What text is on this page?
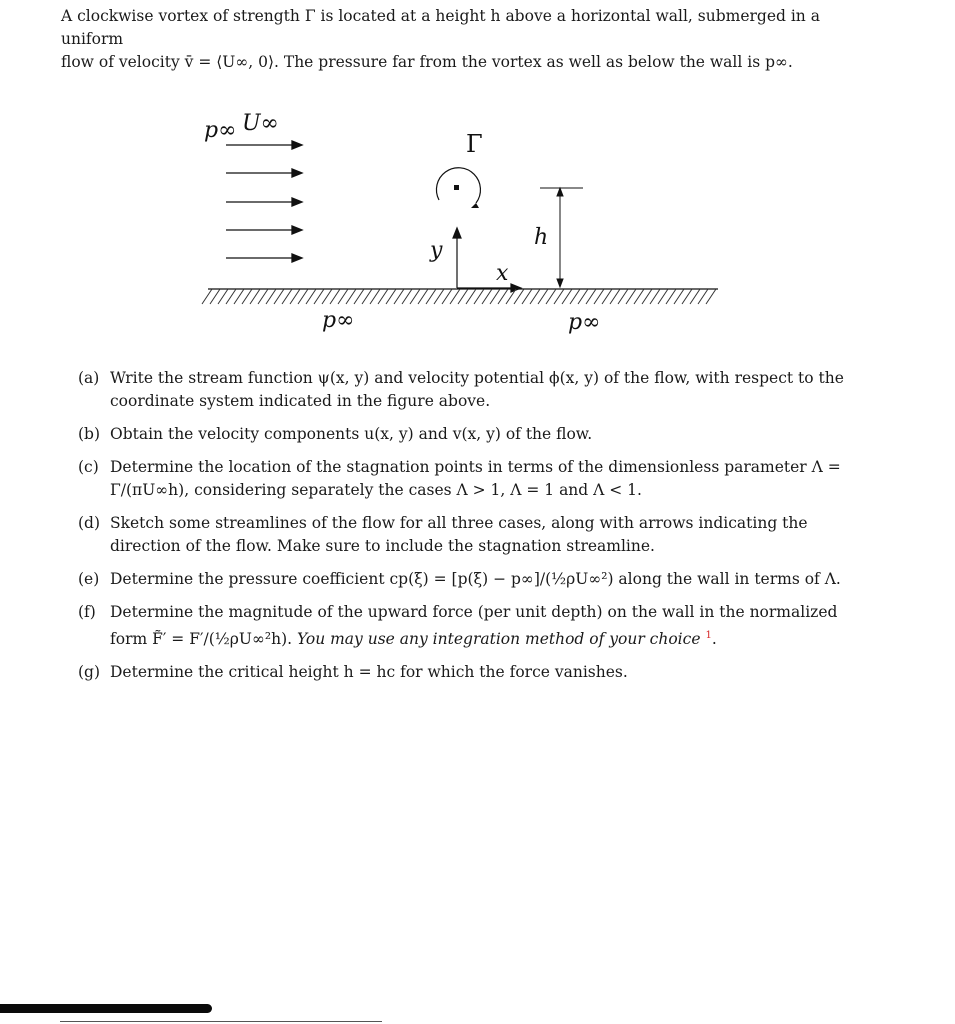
A clockwise vortex of strength Γ is located at a height h above a horizontal wall, submerged in a uniform
flow of velocity v̄ = ⟨U∞, 0⟩. The pressure far from the vortex as well as below the wall is p∞.
p∞ U∞
Γ
h
x
y
p∞	p∞
(a) Write the stream function ψ(x, y) and velocity potential ϕ(x, y) of the flow, with respect to the coordinate system indicated in the figure above.
(b) Obtain the velocity components u(x, y) and v(x, y) of the flow.
(c) Determine the location of the stagnation points in terms of the dimensionless parameter Λ = Γ/(πU∞h), considering separately the cases Λ > 1, Λ = 1 and Λ < 1.
(d) Sketch some streamlines of the flow for all three cases, along with arrows indicating the direction of the flow. Make sure to include the stagnation streamline.
(e) Determine the pressure coefficient cp(ξ) = [p(ξ) − p∞]/(½ρU∞²) along the wall in terms of Λ.
(f) Determine the magnitude of the upward force (per unit depth) on the wall in the normalized form F̃′ = F′/(½ρU∞²h). You may use any integration method of your choice $^1$.
(g) Determine the critical height h = hc for which the force vanishes.
